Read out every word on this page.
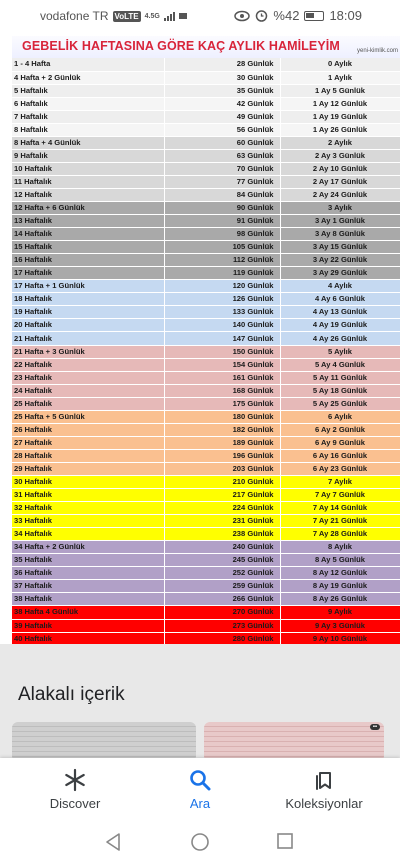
vodafone TR VoLTE 4.5G	%42 18:09
GEBELİK HAFTASINA GÖRE KAÇ AYLIK HAMİLEYİM	yeni-kimlik.com
1 - 4 Hafta	28 Günlük	0 Aylık
4 Hafta + 2 Günlük	30 Günlük	1 Aylık
5 Haftalık	35 Günlük	1 Ay 5 Günlük
6 Haftalık	42 Günlük	1 Ay 12 Günlük
7 Haftalık	49 Günlük	1 Ay 19 Günlük
8 Haftalık	56 Günlük	1 Ay 26 Günlük
8 Hafta + 4 Günlük	60 Günlük	2 Aylık
9 Haftalık	63 Günlük	2 Ay 3 Günlük
10 Haftalık	70 Günlük	2 Ay 10 Günlük
11 Haftalık	77 Günlük	2 Ay 17 Günlük
12 Haftalık	84 Günlük	2 Ay 24 Günlük
12 Hafta + 6 Günlük	90 Günlük	3 Aylık
13 Haftalık	91 Günlük	3 Ay 1 Günlük
14 Haftalık	98 Günlük	3 Ay 8 Günlük
15 Haftalık	105 Günlük	3 Ay 15 Günlük
16 Haftalık	112 Günlük	3 Ay 22 Günlük
17 Haftalık	119 Günlük	3 Ay 29 Günlük
17 Hafta + 1 Günlük	120 Günlük	4 Aylık
18 Haftalık	126 Günlük	4 Ay 6 Günlük
19 Haftalık	133 Günlük	4 Ay 13 Günlük
20 Haftalık	140 Günlük	4 Ay 19 Günlük
21 Haftalık	147 Günlük	4 Ay 26 Günlük
21 Hafta + 3 Günlük	150 Günlük	5 Aylık
22 Haftalık	154 Günlük	5 Ay 4 Günlük
23 Haftalık	161 Günlük	5 Ay 11 Günlük
24 Haftalık	168 Günlük	5 Ay 18 Günlük
25 Haftalık	175 Günlük	5 Ay 25 Günlük
25 Hafta + 5 Günlük	180 Günlük	6 Aylık
26 Haftalık	182 Günlük	6 Ay 2 Günlük
27 Haftalık	189 Günlük	6 Ay 9 Günlük
28 Haftalık	196 Günlük	6 Ay 16 Günlük
29 Haftalık	203 Günlük	6 Ay 23 Günlük
30 Haftalık	210 Günlük	7 Aylık
31 Haftalık	217 Günlük	7 Ay 7 Günlük
32 Haftalık	224 Günlük	7 Ay 14 Günlük
33 Haftalık	231 Günlük	7 Ay 21 Günlük
34 Haftalık	238 Günlük	7 Ay 28 Günlük
34 Hafta + 2 Günlük	240 Günlük	8 Aylık
35 Haftalık	245 Günlük	8 Ay 5 Günlük
36 Haftalık	252 Günlük	8 Ay 12 Günlük
37 Haftalık	259 Günlük	8 Ay 19 Günlük
38 Haftalık	266 Günlük	8 Ay 26 Günlük
38 Hafta 4 Günlük	270 Günlük	9 Aylık
39 Haftalık	273 Günlük	9 Ay 3 Günlük
40 Haftalık	280 Günlük	9 Ay 10 Günlük
Alakalı içerik
▪▪
Discover	Ara	Koleksiyonlar
